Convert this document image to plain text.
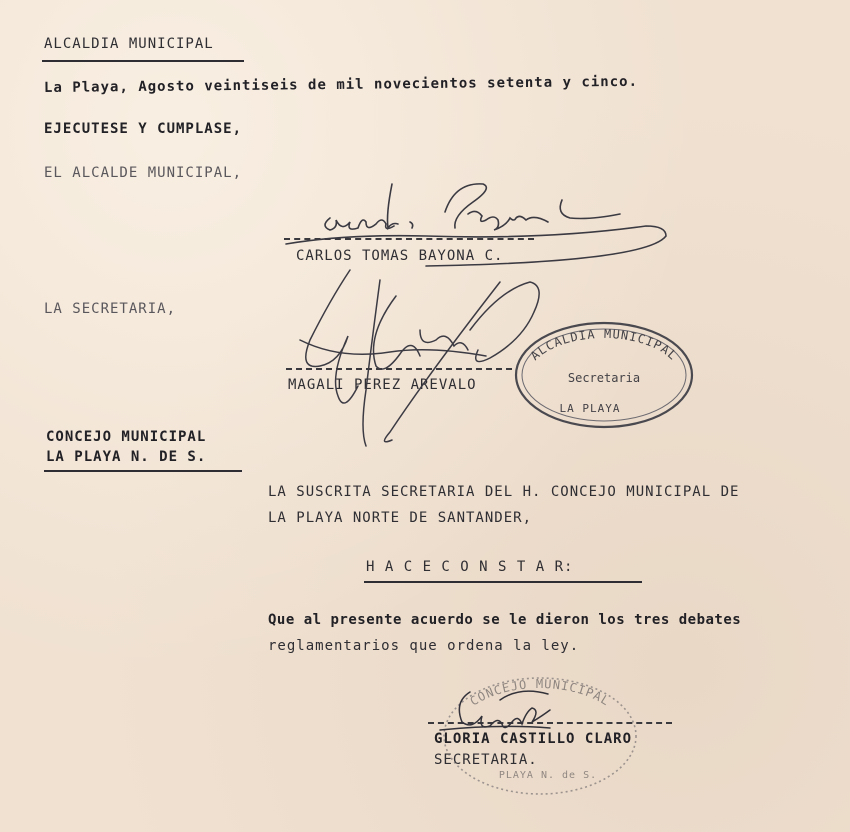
ALCALDIA MUNICIPAL
La Playa, Agosto veintiseis de mil novecientos setenta y cinco.
EJECUTESE Y CUMPLASE,
EL ALCALDE MUNICIPAL,
CARLOS TOMAS BAYONA C.
LA SECRETARIA,
MAGALI PEREZ AREVALO
CONCEJO MUNICIPAL
LA PLAYA N. DE S.
LA SUSCRITA SECRETARIA DEL H. CONCEJO MUNICIPAL DE
LA PLAYA NORTE DE SANTANDER,
H A C E C O N S T A R:
Que al presente acuerdo se le dieron los tres debates
reglamentarios que ordena la ley.
GLORIA CASTILLO CLARO
SECRETARIA.
ALCALDIA MUNICIPAL
Secretaria
LA PLAYA
CONCEJO MUNICIPAL
PLAYA N. de S.
